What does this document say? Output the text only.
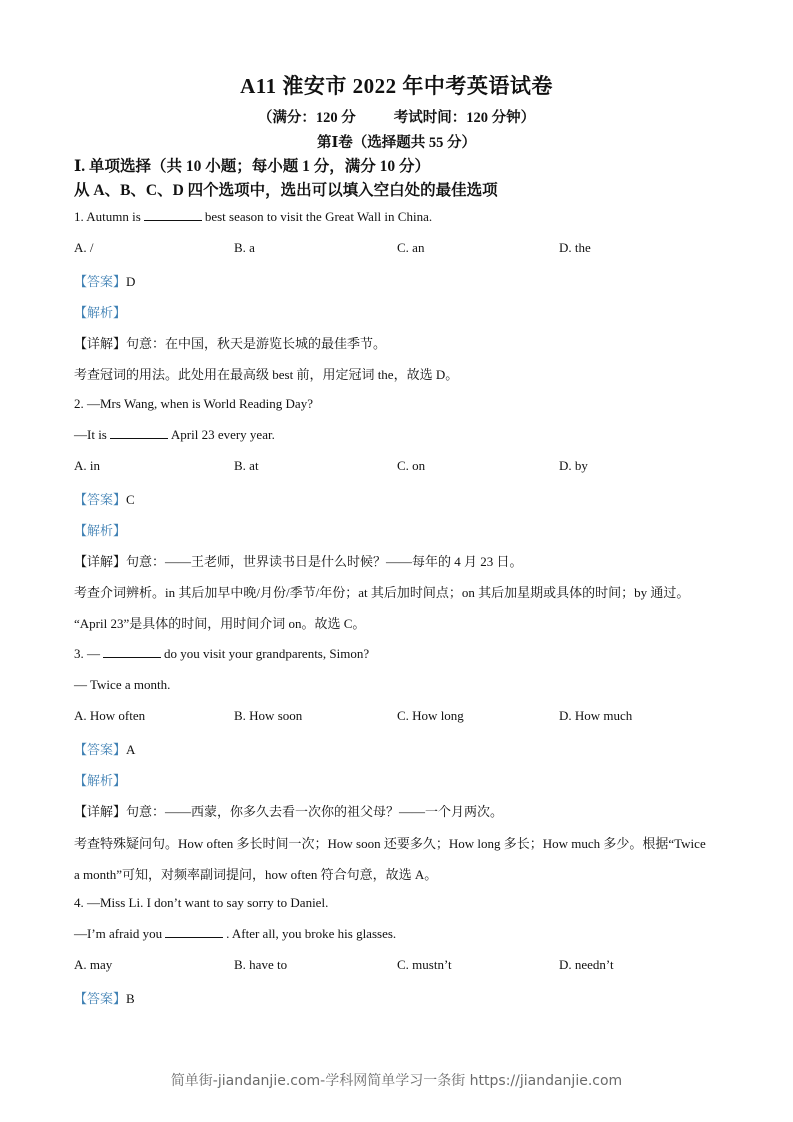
A11 淮安市 2022 年中考英语试卷
（满分：120 分	考试时间：120 分钟）
第Ⅰ卷（选择题共 55 分）
Ⅰ. 单项选择（共 10 小题；每小题 1 分，满分 10 分）
从 A、B、C、D 四个选项中，选出可以填入空白处的最佳选项
1. Autumn is	best season to visit the Great Wall in China.
A. /	B. a	C. an	D. the
【答案】D
【解析】
【详解】句意：在中国，秋天是游览长城的最佳季节。
考查冠词的用法。此处用在最高级 best 前，用定冠词 the，故选 D。
2. —Mrs Wang, when is World Reading Day?
—It is	April 23 every year.
A. in	B. at	C. on	D. by
【答案】C
【解析】
【详解】句意：——王老师，世界读书日是什么时候？——每年的 4 月 23 日。
考查介词辨析。in 其后加早中晚/月份/季节/年份；at 其后加时间点；on 其后加星期或具体的时间；by 通过。
“April 23”是具体的时间，用时间介词 on。故选 C。
3. —	do you visit your grandparents, Simon?
— Twice a month.
A. How often	B. How soon	C. How long	D. How much
【答案】A
【解析】
【详解】句意：——西蒙，你多久去看一次你的祖父母？——一个月两次。
考查特殊疑问句。How often 多长时间一次；How soon 还要多久；How long 多长；How much 多少。根据“Twice
a month”可知，对频率副词提问，how often 符合句意，故选 A。
4. —Miss Li. I don’t want to say sorry to Daniel.
—I’m afraid you	. After all, you broke his glasses.
A. may	B. have to	C. mustn’t	D. needn’t
【答案】B
简单街-jiandanjie.com-学科网简单学习一条街 https://jiandanjie.com
